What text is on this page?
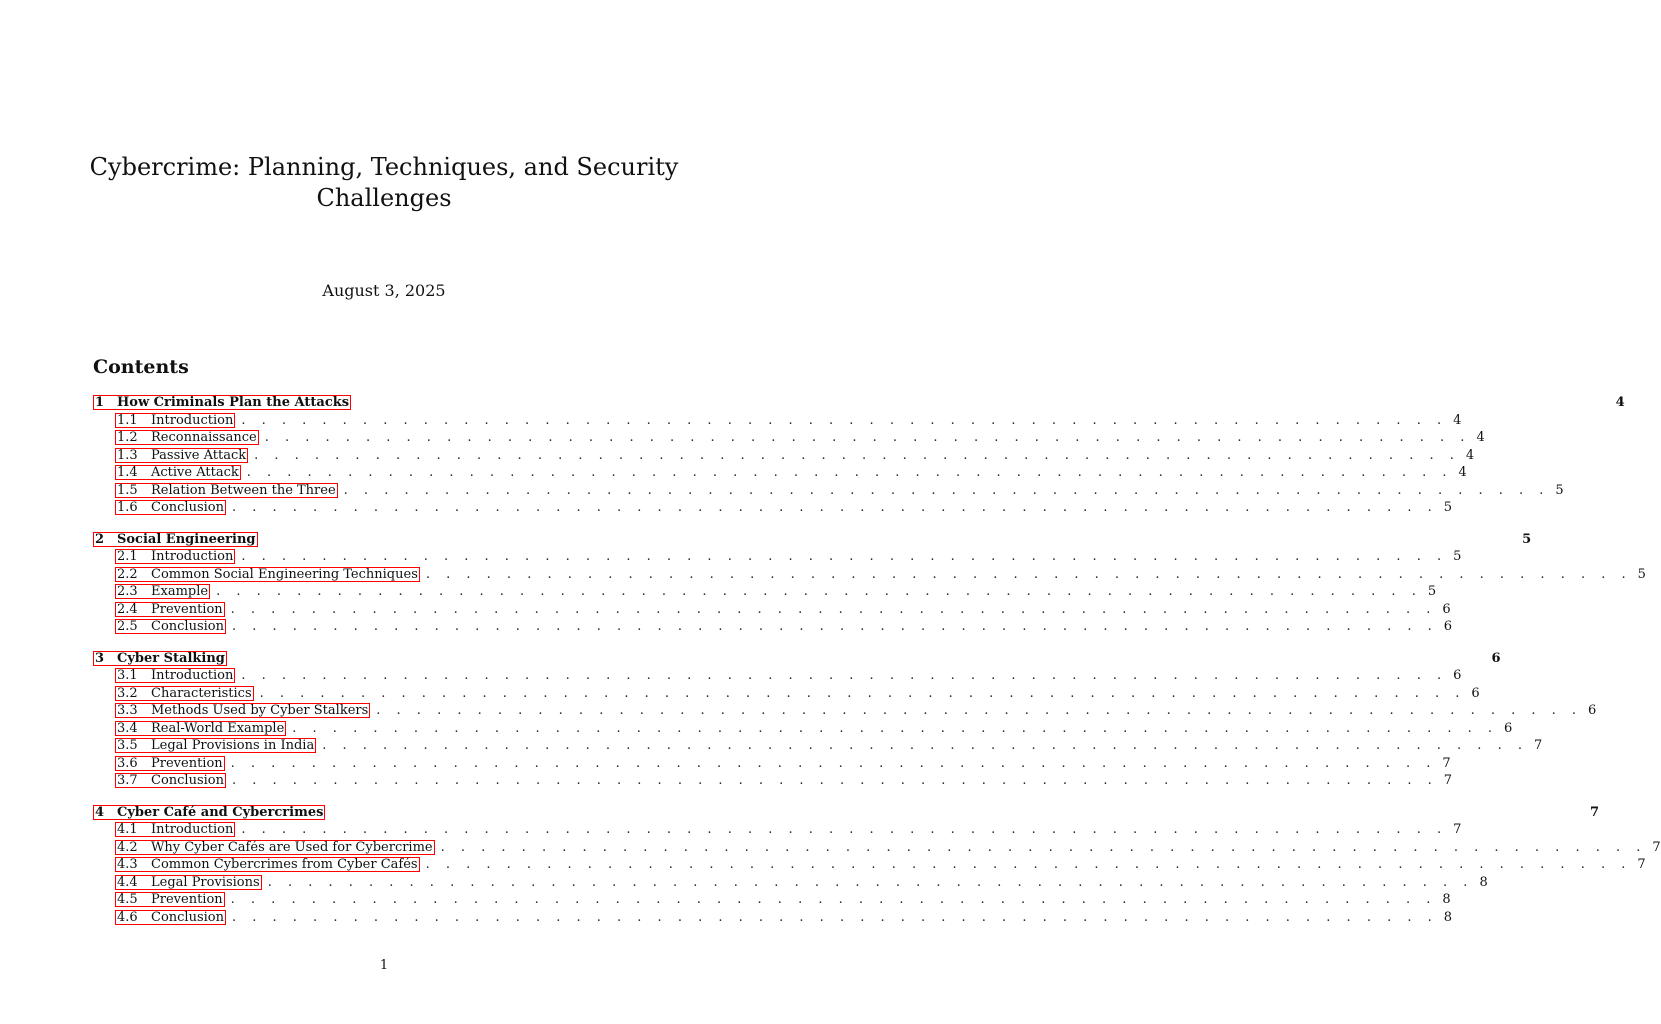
Cybercrime: Planning, Techniques, and Security
Challenges
August 3, 2025
Contents
1 How Criminals Plan the Attacks	4
1.1 Introduction . . . . . . . . . . . . . . . . . . . . . . . . . . . . . . . . . . . . . . . . . . . . . . . . . . . . . . . . . . . . 4
1.2 Reconnaissance . . . . . . . . . . . . . . . . . . . . . . . . . . . . . . . . . . . . . . . . . . . . . . . . . . . . . . . . . . . . 4
1.3 Passive Attack . . . . . . . . . . . . . . . . . . . . . . . . . . . . . . . . . . . . . . . . . . . . . . . . . . . . . . . . . . . . 4
1.4 Active Attack . . . . . . . . . . . . . . . . . . . . . . . . . . . . . . . . . . . . . . . . . . . . . . . . . . . . . . . . . . . . 4
1.5 Relation Between the Three . . . . . . . . . . . . . . . . . . . . . . . . . . . . . . . . . . . . . . . . . . . . . . . . . . . . . . . . . . . . 5
1.6 Conclusion . . . . . . . . . . . . . . . . . . . . . . . . . . . . . . . . . . . . . . . . . . . . . . . . . . . . . . . . . . . . 5
2 Social Engineering	5
2.1 Introduction . . . . . . . . . . . . . . . . . . . . . . . . . . . . . . . . . . . . . . . . . . . . . . . . . . . . . . . . . . . . 5
2.2 Common Social Engineering Techniques . . . . . . . . . . . . . . . . . . . . . . . . . . . . . . . . . . . . . . . . . . . . . . . . . . . . . . . . . . . . 5
2.3 Example . . . . . . . . . . . . . . . . . . . . . . . . . . . . . . . . . . . . . . . . . . . . . . . . . . . . . . . . . . . . 5
2.4 Prevention . . . . . . . . . . . . . . . . . . . . . . . . . . . . . . . . . . . . . . . . . . . . . . . . . . . . . . . . . . . . 6
2.5 Conclusion . . . . . . . . . . . . . . . . . . . . . . . . . . . . . . . . . . . . . . . . . . . . . . . . . . . . . . . . . . . . 6
3 Cyber Stalking	6
3.1 Introduction . . . . . . . . . . . . . . . . . . . . . . . . . . . . . . . . . . . . . . . . . . . . . . . . . . . . . . . . . . . . 6
3.2 Characteristics . . . . . . . . . . . . . . . . . . . . . . . . . . . . . . . . . . . . . . . . . . . . . . . . . . . . . . . . . . . . 6
3.3 Methods Used by Cyber Stalkers . . . . . . . . . . . . . . . . . . . . . . . . . . . . . . . . . . . . . . . . . . . . . . . . . . . . . . . . . . . . 6
3.4 Real-World Example . . . . . . . . . . . . . . . . . . . . . . . . . . . . . . . . . . . . . . . . . . . . . . . . . . . . . . . . . . . . 6
3.5 Legal Provisions in India . . . . . . . . . . . . . . . . . . . . . . . . . . . . . . . . . . . . . . . . . . . . . . . . . . . . . . . . . . . . 7
3.6 Prevention . . . . . . . . . . . . . . . . . . . . . . . . . . . . . . . . . . . . . . . . . . . . . . . . . . . . . . . . . . . . 7
3.7 Conclusion . . . . . . . . . . . . . . . . . . . . . . . . . . . . . . . . . . . . . . . . . . . . . . . . . . . . . . . . . . . . 7
4 Cyber Café and Cybercrimes	7
4.1 Introduction . . . . . . . . . . . . . . . . . . . . . . . . . . . . . . . . . . . . . . . . . . . . . . . . . . . . . . . . . . . . 7
4.2 Why Cyber Cafés are Used for Cybercrime . . . . . . . . . . . . . . . . . . . . . . . . . . . . . . . . . . . . . . . . . . . . . . . . . . . . . . . . . . . . 7
4.3 Common Cybercrimes from Cyber Cafés . . . . . . . . . . . . . . . . . . . . . . . . . . . . . . . . . . . . . . . . . . . . . . . . . . . . . . . . . . . . 7
4.4 Legal Provisions . . . . . . . . . . . . . . . . . . . . . . . . . . . . . . . . . . . . . . . . . . . . . . . . . . . . . . . . . . . . 8
4.5 Prevention . . . . . . . . . . . . . . . . . . . . . . . . . . . . . . . . . . . . . . . . . . . . . . . . . . . . . . . . . . . . 8
4.6 Conclusion . . . . . . . . . . . . . . . . . . . . . . . . . . . . . . . . . . . . . . . . . . . . . . . . . . . . . . . . . . . . 8
1
